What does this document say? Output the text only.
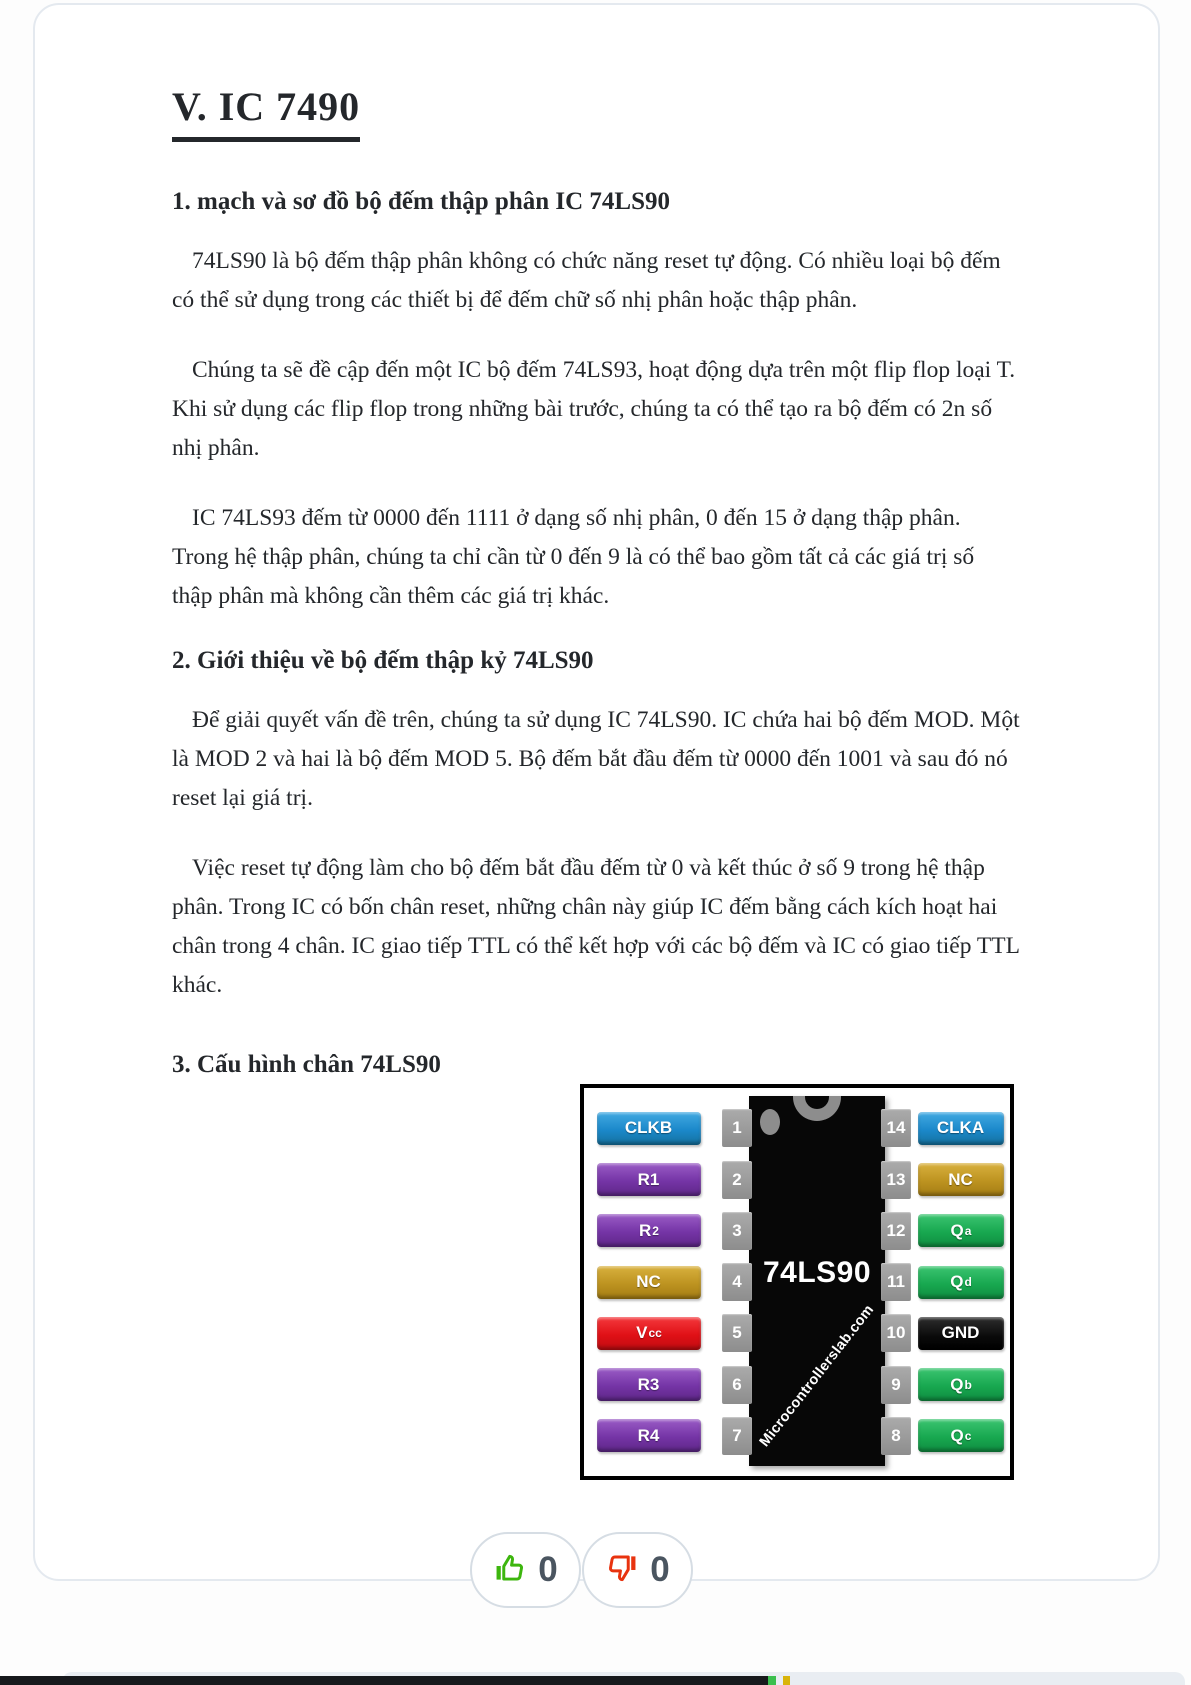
V. IC 7490
1. mạch và sơ đồ bộ đếm thập phân IC 74LS90

74LS90 là bộ đếm thập phân không có chức năng reset tự động. Có nhiều loại bộ đếm có thể sử dụng trong các thiết bị để đếm chữ số nhị phân hoặc thập phân.

Chúng ta sẽ đề cập đến một IC bộ đếm 74LS93, hoạt động dựa trên một flip flop loại T. Khi sử dụng các flip flop trong những bài trước, chúng ta có thể tạo ra bộ đếm có 2n số nhị phân.

IC 74LS93 đếm từ 0000 đến 1111 ở dạng số nhị phân, 0 đến 15 ở dạng thập phân. Trong hệ thập phân, chúng ta chỉ cần từ 0 đến 9 là có thể bao gồm tất cả các giá trị số thập phân mà không cần thêm các giá trị khác.

2. Giới thiệu về bộ đếm thập kỷ 74LS90

Để giải quyết vấn đề trên, chúng ta sử dụng IC 74LS90. IC chứa hai bộ đếm MOD. Một là MOD 2 và hai là bộ đếm MOD 5. Bộ đếm bắt đầu đếm từ 0000 đến 1001 và sau đó nó reset lại giá trị.

Việc reset tự động làm cho bộ đếm bắt đầu đếm từ 0 và kết thúc ở số 9 trong hệ thập phân. Trong IC có bốn chân reset, những chân này giúp IC đếm bằng cách kích hoạt hai chân trong 4 chân. IC giao tiếp TTL có thể kết hợp với các bộ đếm và IC có giao tiếp TTL khác.

3. Cấu hình chân 74LS90
74LS90
Microcontrollerslab.com
CLKB	1	14	CLKA
R1	2	13	NC
R 2	3	12	Q a
NC	4	11	Q d
V cc	5	10	GND
R3	6	9	Q b
R4	7	8	Q c
0	0
